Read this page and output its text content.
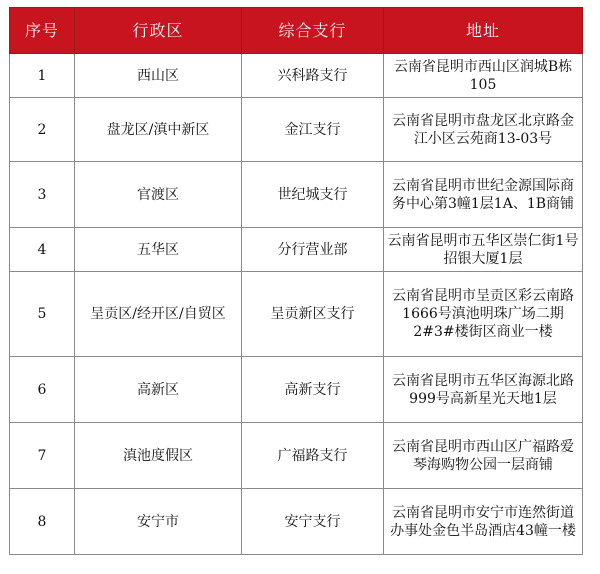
序号	行政区	综合支行	地址
1	西山区	兴科路支行	云南省昆明市西山区润城B栋105
2	盘龙区/滇中新区	金江支行	云南省昆明市盘龙区北京路金江小区云苑商13-03号
3	官渡区	世纪城支行	云南省昆明市世纪金源国际商务中心第3幢1层1A、1B商铺
4	五华区	分行营业部	云南省昆明市五华区崇仁街1号招银大厦1层
5	呈贡区/经开区/自贸区	呈贡新区支行	云南省昆明市呈贡区彩云南路1666号滇池明珠广场二期2#3#楼街区商业一楼
6	高新区	高新支行	云南省昆明市五华区海源北路999号高新星光天地1层
7	滇池度假区	广福路支行	云南省昆明市西山区广福路爱琴海购物公园一层商铺
8	安宁市	安宁支行	云南省昆明市安宁市连然街道办事处金色半岛酒店43幢一楼
